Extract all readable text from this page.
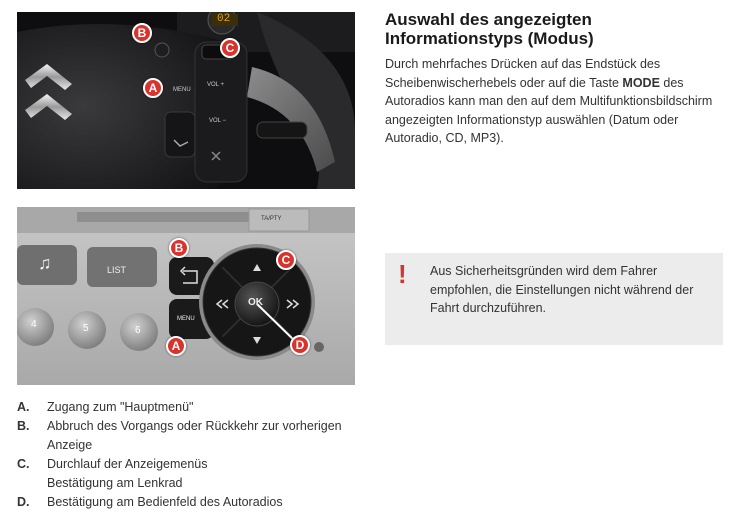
02
MENU
VOL +
VOL −
A
B
C
TA/PTY
♫	LIST
MENU
OK
4	5	6
A
B
C
D
Auswahl des angezeigten
Informationstyps (Modus)
Durch mehrfaches Drücken auf das Endstück des Scheibenwischerhebels oder auf die Taste MODE des Autoradios kann man den auf dem Multifunktionsbildschirm angezeigten Informationstyp auswählen (Datum oder Autoradio, CD, MP3).
! Aus Sicherheitsgründen wird dem Fahrer empfohlen, die Einstellungen nicht während der Fahrt durchzuführen.
A.	Zugang zum "Hauptmenü"
B.	Abbruch des Vorgangs oder Rückkehr zur vorherigen Anzeige
C.	Durchlauf der Anzeigemenüs
Bestätigung am Lenkrad
D.	Bestätigung am Bedienfeld des Autoradios
